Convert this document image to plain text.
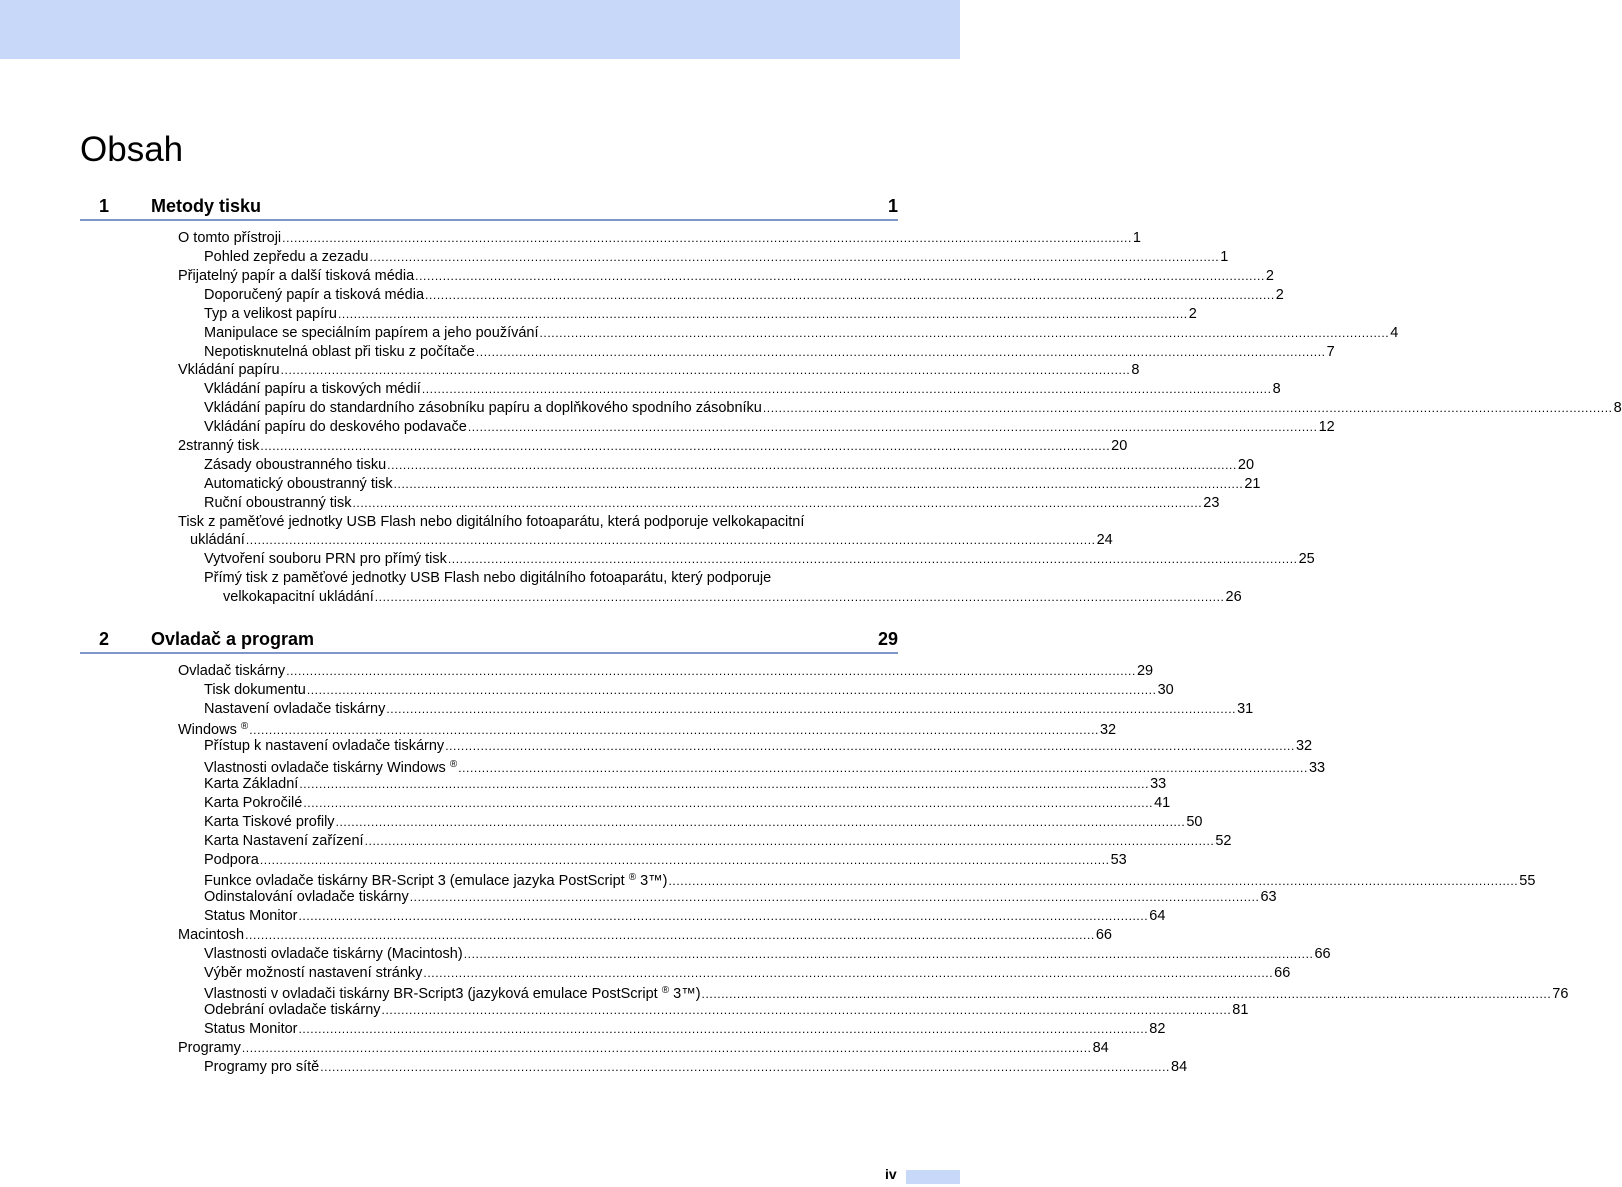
Obsah
1 Metody tisku	1
O tomto přístroji ........................................................................................................................................................................................................................ 1
Pohled zepředu a zezadu ........................................................................................................................................................................................................................ 1
Přijatelný papír a další tisková média ........................................................................................................................................................................................................................ 2
Doporučený papír a tisková média ........................................................................................................................................................................................................................ 2
Typ a velikost papíru ........................................................................................................................................................................................................................ 2
Manipulace se speciálním papírem a jeho používání ........................................................................................................................................................................................................................ 4
Nepotisknutelná oblast při tisku z počítače ........................................................................................................................................................................................................................ 7
Vkládání papíru ........................................................................................................................................................................................................................ 8
Vkládání papíru a tiskových médií ........................................................................................................................................................................................................................ 8
Vkládání papíru do standardního zásobníku papíru a doplňkového spodního zásobníku ........................................................................................................................................................................................................................ 8
Vkládání papíru do deskového podavače ........................................................................................................................................................................................................................ 12
2stranný tisk ........................................................................................................................................................................................................................ 20
Zásady oboustranného tisku ........................................................................................................................................................................................................................ 20
Automatický oboustranný tisk ........................................................................................................................................................................................................................ 21
Ruční oboustranný tisk ........................................................................................................................................................................................................................ 23
Tisk z paměťové jednotky USB Flash nebo digitálního fotoaparátu, která podporuje velkokapacitní
ukládání ........................................................................................................................................................................................................................ 24
Vytvoření souboru PRN pro přímý tisk ........................................................................................................................................................................................................................ 25
Přímý tisk z paměťové jednotky USB Flash nebo digitálního fotoaparátu, který podporuje
velkokapacitní ukládání ........................................................................................................................................................................................................................ 26
2 Ovladač a program	29
Ovladač tiskárny ........................................................................................................................................................................................................................ 29
Tisk dokumentu ........................................................................................................................................................................................................................ 30
Nastavení ovladače tiskárny ........................................................................................................................................................................................................................ 31
Windows ® ........................................................................................................................................................................................................................ 32
Přístup k nastavení ovladače tiskárny ........................................................................................................................................................................................................................ 32
Vlastnosti ovladače tiskárny Windows ® ........................................................................................................................................................................................................................ 33
Karta Základní ........................................................................................................................................................................................................................ 33
Karta Pokročilé ........................................................................................................................................................................................................................ 41
Karta Tiskové profily ........................................................................................................................................................................................................................ 50
Karta Nastavení zařízení ........................................................................................................................................................................................................................ 52
Podpora ........................................................................................................................................................................................................................ 53
Funkce ovladače tiskárny BR-Script 3 (emulace jazyka PostScript ® 3™) ........................................................................................................................................................................................................................ 55
Odinstalování ovladače tiskárny ........................................................................................................................................................................................................................ 63
Status Monitor ........................................................................................................................................................................................................................ 64
Macintosh ........................................................................................................................................................................................................................ 66
Vlastnosti ovladače tiskárny (Macintosh) ........................................................................................................................................................................................................................ 66
Výběr možností nastavení stránky ........................................................................................................................................................................................................................ 66
Vlastnosti v ovladači tiskárny BR-Script3 (jazyková emulace PostScript ® 3™) ........................................................................................................................................................................................................................ 76
Odebrání ovladače tiskárny ........................................................................................................................................................................................................................ 81
Status Monitor ........................................................................................................................................................................................................................ 82
Programy ........................................................................................................................................................................................................................ 84
Programy pro sítě ........................................................................................................................................................................................................................ 84
iv
